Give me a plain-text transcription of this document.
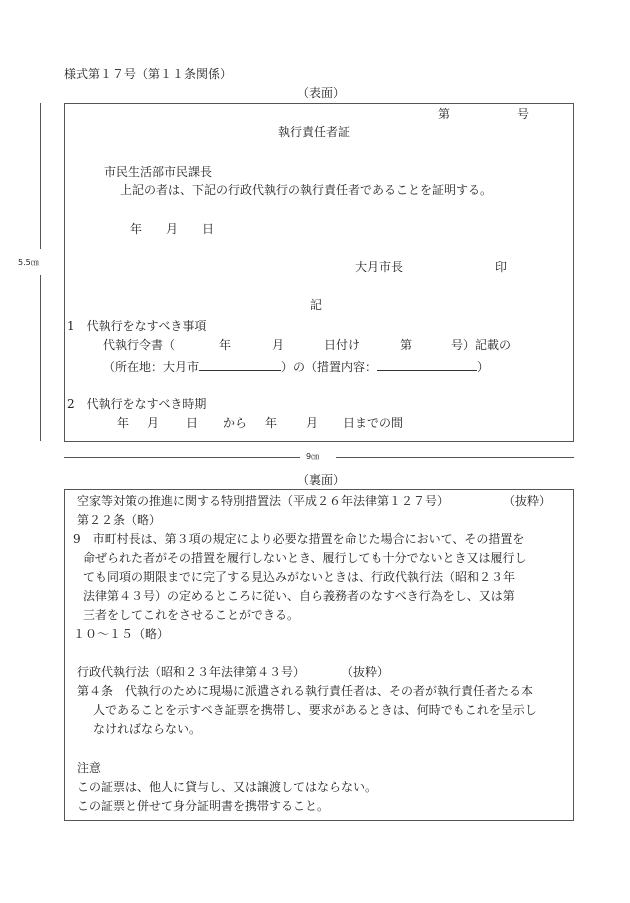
様式第１７号（第１１条関係）
（表面）
5.5㎝
第	号
執行責任者証
市民生活部市民課長
上記の者は、下記の行政代執行の執行責任者であることを証明する。
年　　月　　日
大月市長	印
記
1　代執行をなすべき事項
代執行令書（	年	月	日付け	第	号）記載の
（所在地：大月市	）の（措置内容：	）
2　代執行をなすべき時期
年 月 日 から 年 月 日までの間
9㎝
（裏面）
空家等対策の推進に関する特別措置法（平成２６年法律第１２７号）	（抜粋）
第２２条（略）
9　市町村長は、第３項の規定により必要な措置を命じた場合において、その措置を
命ぜられた者がその措置を履行しないとき、履行しても十分でないとき又は履行し
ても同項の期限までに完了する見込みがないときは、行政代執行法（昭和２３年
法律第４３号）の定めるところに従い、自ら義務者のなすべき行為をし、又は第
三者をしてこれをさせることができる。
１０～１５（略）
行政代執行法（昭和２３年法律第４３号）	（抜粋）
第４条　代執行のために現場に派遣される執行責任者は、その者が執行責任者たる本
人であることを示すべき証票を携帯し、要求があるときは、何時でもこれを呈示し
なければならない。
注意
この証票は、他人に貸与し、又は譲渡してはならない。
この証票と併せて身分証明書を携帯すること。
